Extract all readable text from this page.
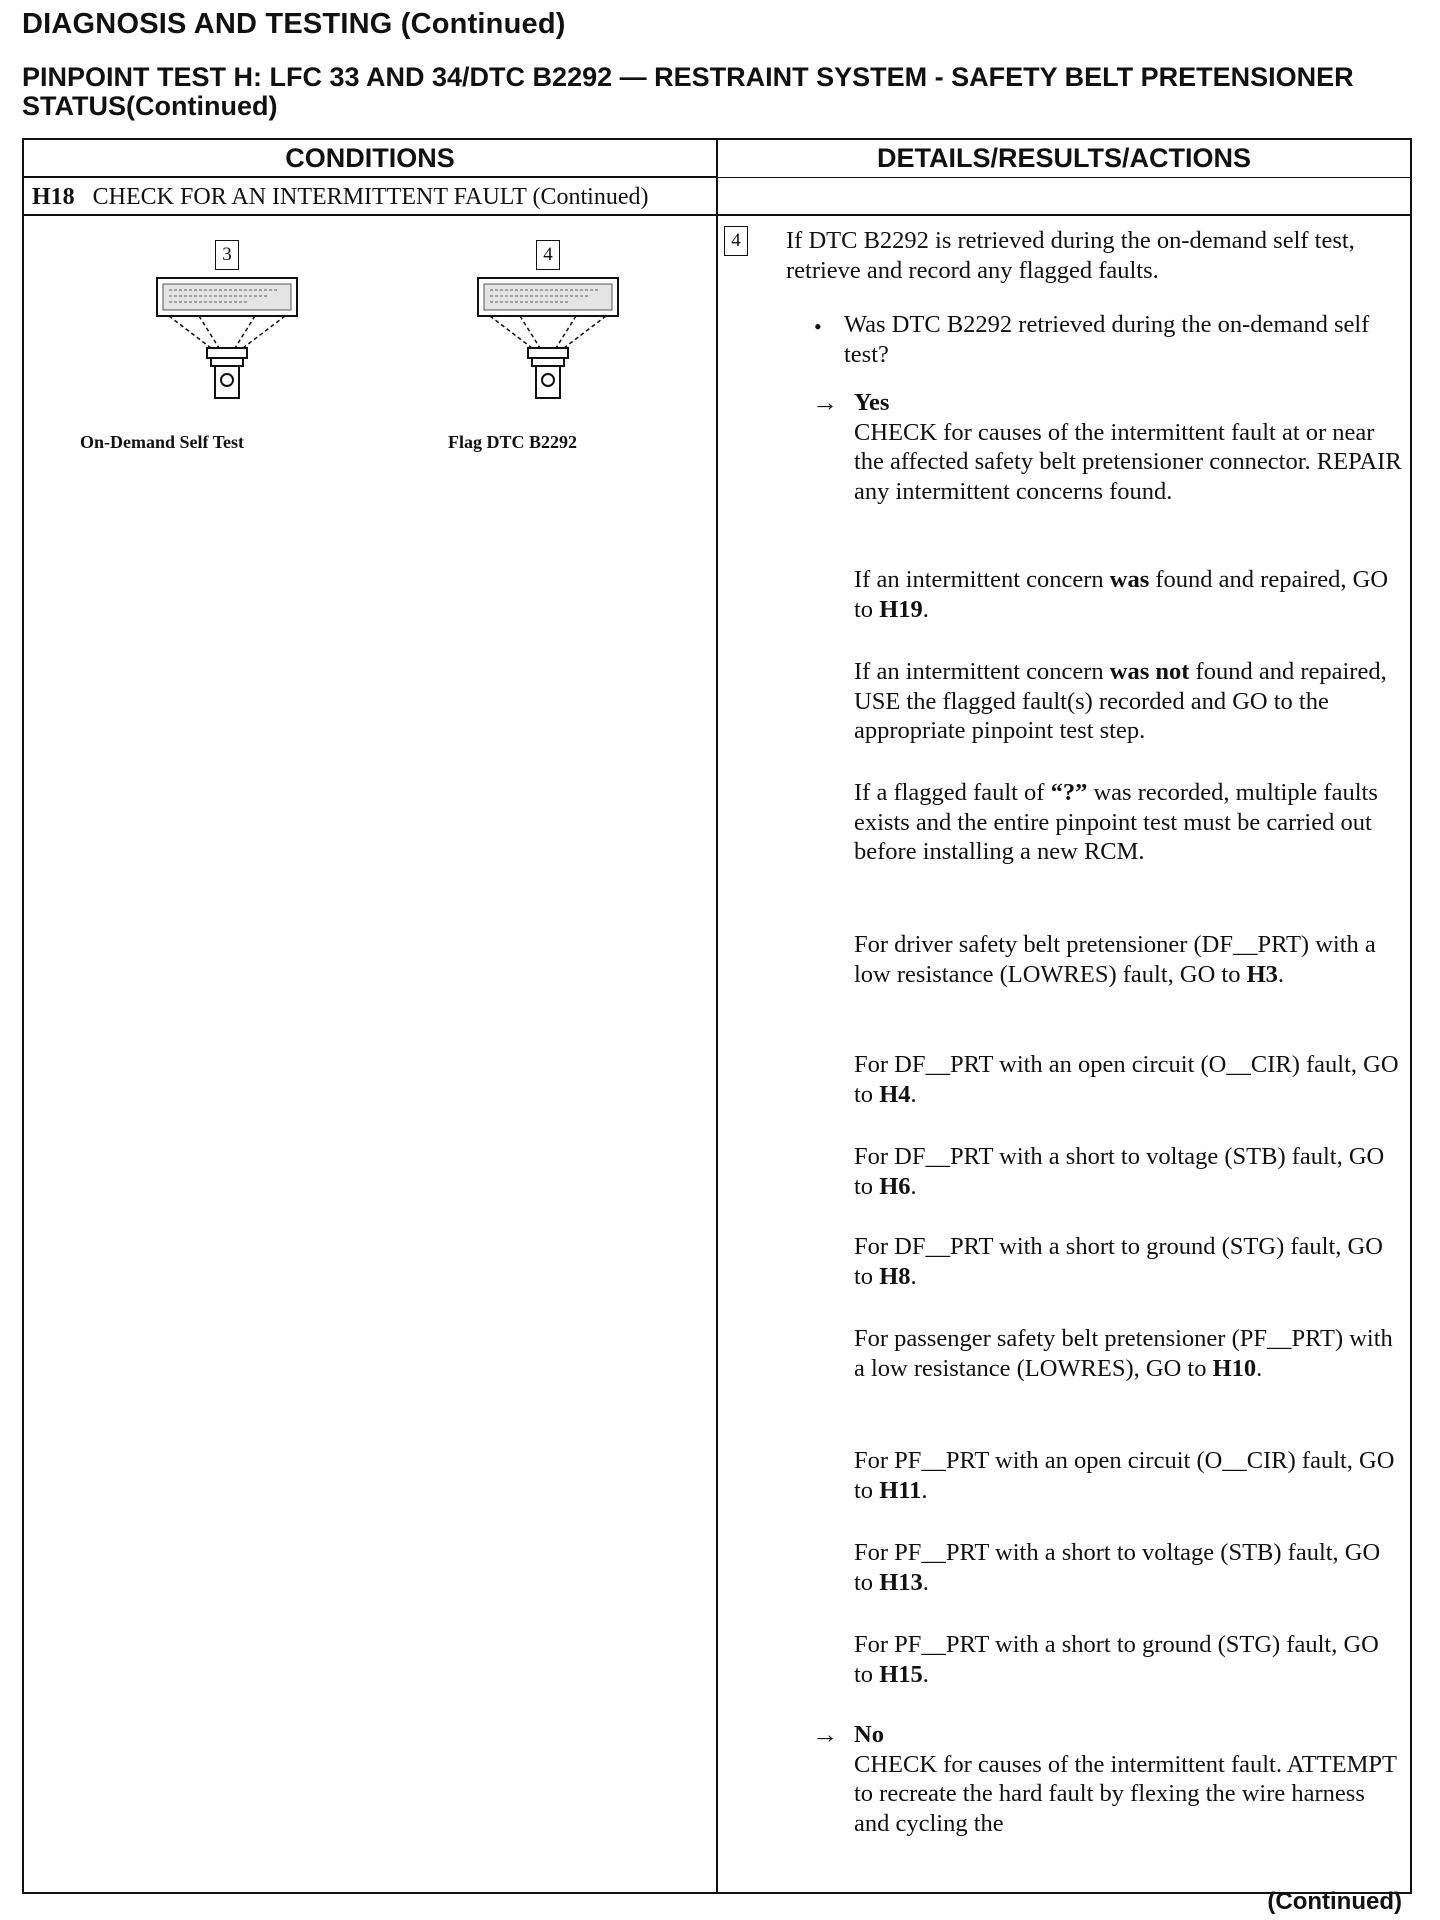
DIAGNOSIS AND TESTING (Continued)
PINPOINT TEST H: LFC 33 AND 34/DTC B2292 — RESTRAINT SYSTEM - SAFETY BELT PRETENSIONER STATUS(Continued)
CONDITIONS	DETAILS/RESULTS/ACTIONS
H18 CHECK FOR AN INTERMITTENT FAULT (Continued)
3
On-Demand Self Test
4
Flag DTC B2292
4 If DTC B2292 is retrieved during the on-demand self test, retrieve and record any flagged faults.
• Was DTC B2292 retrieved during the on-demand self test?
→ Yes
CHECK for causes of the intermittent fault at or near the affected safety belt pretensioner connector. REPAIR any intermittent concerns found.
If an intermittent concern was found and repaired, GO to H19.
If an intermittent concern was not found and repaired, USE the flagged fault(s) recorded and GO to the appropriate pinpoint test step.
If a flagged fault of “?” was recorded, multiple faults exists and the entire pinpoint test must be carried out before installing a new RCM.
For driver safety belt pretensioner (DF__PRT) with a low resistance (LOWRES) fault, GO to H3.
For DF__PRT with an open circuit (O__CIR) fault, GO to H4.
For DF__PRT with a short to voltage (STB) fault, GO to H6.
For DF__PRT with a short to ground (STG) fault, GO to H8.
For passenger safety belt pretensioner (PF__PRT) with a low resistance (LOWRES), GO to H10.
For PF__PRT with an open circuit (O__CIR) fault, GO to H11.
For PF__PRT with a short to voltage (STB) fault, GO to H13.
For PF__PRT with a short to ground (STG) fault, GO to H15.
→ No
CHECK for causes of the intermittent fault. ATTEMPT to recreate the hard fault by flexing the wire harness and cycling the
(Continued)
